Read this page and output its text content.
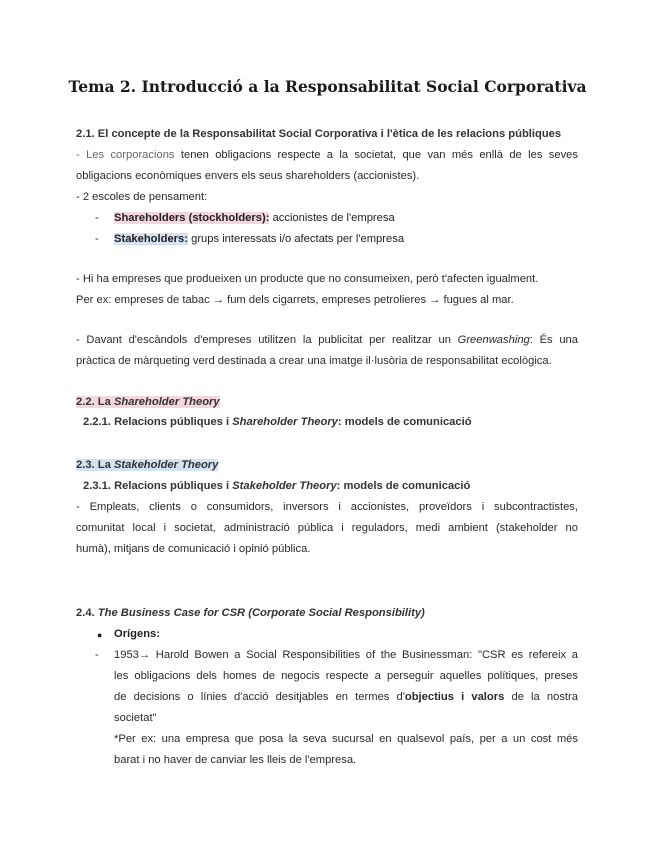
Tema 2. Introducció a la Responsabilitat Social Corporativa
2.1. El concepte de la Responsabilitat Social Corporativa i l'ètica de les relacions públiques
- Les corporacions tenen obligacions respecte a la societat, que van més enllà de les seves
obligacions econòmiques envers els seus shareholders (accionistes).
- 2 escoles de pensament:
- Shareholders (stockholders): accionistes de l'empresa
- Stakeholders: grups interessats i/o afectats per l'empresa
- Hi ha empreses que produeixen un producte que no consumeixen, però t'afecten igualment.
Per ex: empreses de tabac → fum dels cigarrets, empreses petrolieres → fugues al mar.
- Davant d'escàndols d'empreses utilitzen la publicitat per realitzar un Greenwashing: És una
pràctica de màrqueting verd destinada a crear una imatge il·lusòria de responsabilitat ecològica.
2.2. La Shareholder Theory
2.2.1. Relacions públiques i Shareholder Theory: models de comunicació
2.3. La Stakeholder Theory
2.3.1. Relacions públiques i Stakeholder Theory: models de comunicació
- Empleats, clients o consumidors, inversors i accionistes, proveïdors i subcontractistes,
comunitat local i societat, administració pública i reguladors, medi ambient (stakeholder no
humà), mitjans de comunicació i opinió pública.
2.4. The Business Case for CSR (Corporate Social Responsibility)
● Orígens:
- 1953→ Harold Bowen a Social Responsibilities of the Businessman: "CSR es refereix a
les obligacions dels homes de negocis respecte a perseguir aquelles polítiques, preses
de decisions o línies d'acció desitjables en termes d'objectius i valors de la nostra
societat"
*Per ex: una empresa que posa la seva sucursal en qualsevol país, per a un cost més
barat i no haver de canviar les lleis de l'empresa.
